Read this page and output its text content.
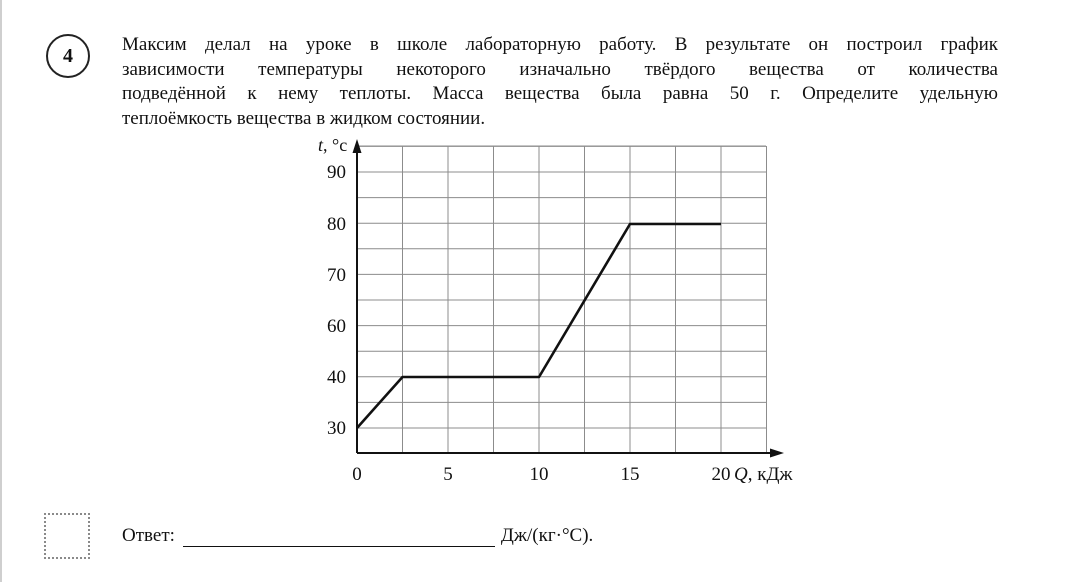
4	Максим делал на уроке в школе лабораторную работу. В результате он построил график
зависимости температуры некоторого изначально твёрдого вещества от количества
подведённой к нему теплоты. Масса вещества была равна 50 г. Определите удельную
теплоёмкость вещества в жидком состоянии.
t, °с
Q, кДж
30
40
60
70
80
90
0	5	10	15	20
Ответ:	Дж/(кг·°С).
